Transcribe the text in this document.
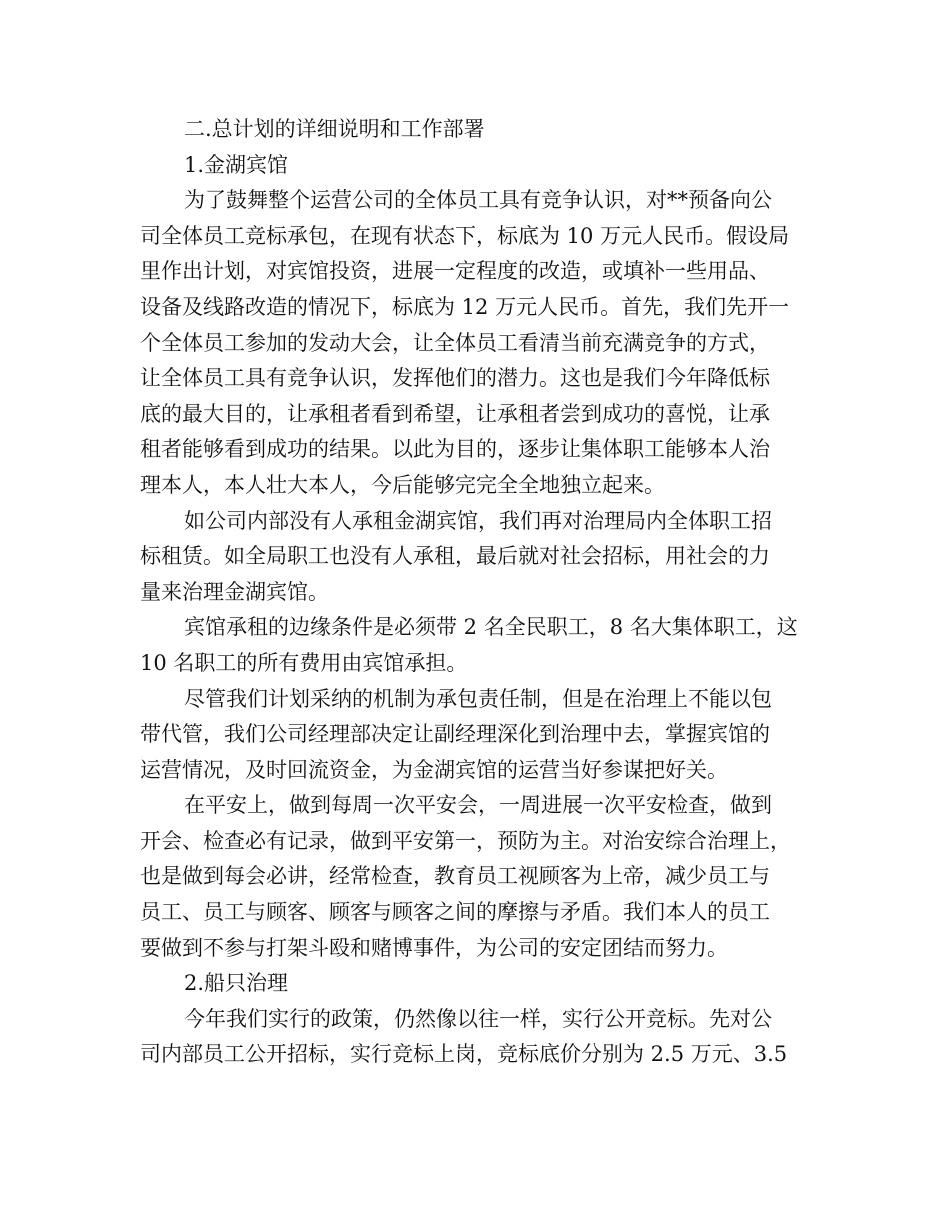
二.总计划的详细说明和工作部署
1.金湖宾馆
为了鼓舞整个运营公司的全体员工具有竞争认识，对**预备向公
司全体员工竞标承包，在现有状态下，标底为 10 万元人民币。假设局
里作出计划，对宾馆投资，进展一定程度的改造，或填补一些用品、
设备及线路改造的情况下，标底为 12 万元人民币。首先，我们先开一
个全体员工参加的发动大会，让全体员工看清当前充满竞争的方式，
让全体员工具有竞争认识，发挥他们的潜力。这也是我们今年降低标
底的最大目的，让承租者看到希望，让承租者尝到成功的喜悦，让承
租者能够看到成功的结果。以此为目的，逐步让集体职工能够本人治
理本人，本人壮大本人，今后能够完完全全地独立起来。
如公司内部没有人承租金湖宾馆，我们再对治理局内全体职工招
标租赁。如全局职工也没有人承租，最后就对社会招标，用社会的力
量来治理金湖宾馆。
宾馆承租的边缘条件是必须带 2 名全民职工，8 名大集体职工，这
10 名职工的所有费用由宾馆承担。
尽管我们计划采纳的机制为承包责任制，但是在治理上不能以包
带代管，我们公司经理部决定让副经理深化到治理中去，掌握宾馆的
运营情况，及时回流资金，为金湖宾馆的运营当好参谋把好关。
在平安上，做到每周一次平安会，一周进展一次平安检查，做到
开会、检查必有记录，做到平安第一，预防为主。对治安综合治理上，
也是做到每会必讲，经常检查，教育员工视顾客为上帝，减少员工与
员工、员工与顾客、顾客与顾客之间的摩擦与矛盾。我们本人的员工
要做到不参与打架斗殴和赌博事件，为公司的安定团结而努力。
2.船只治理
今年我们实行的政策，仍然像以往一样，实行公开竞标。先对公
司内部员工公开招标，实行竞标上岗，竞标底价分别为 2.5 万元、3.5
